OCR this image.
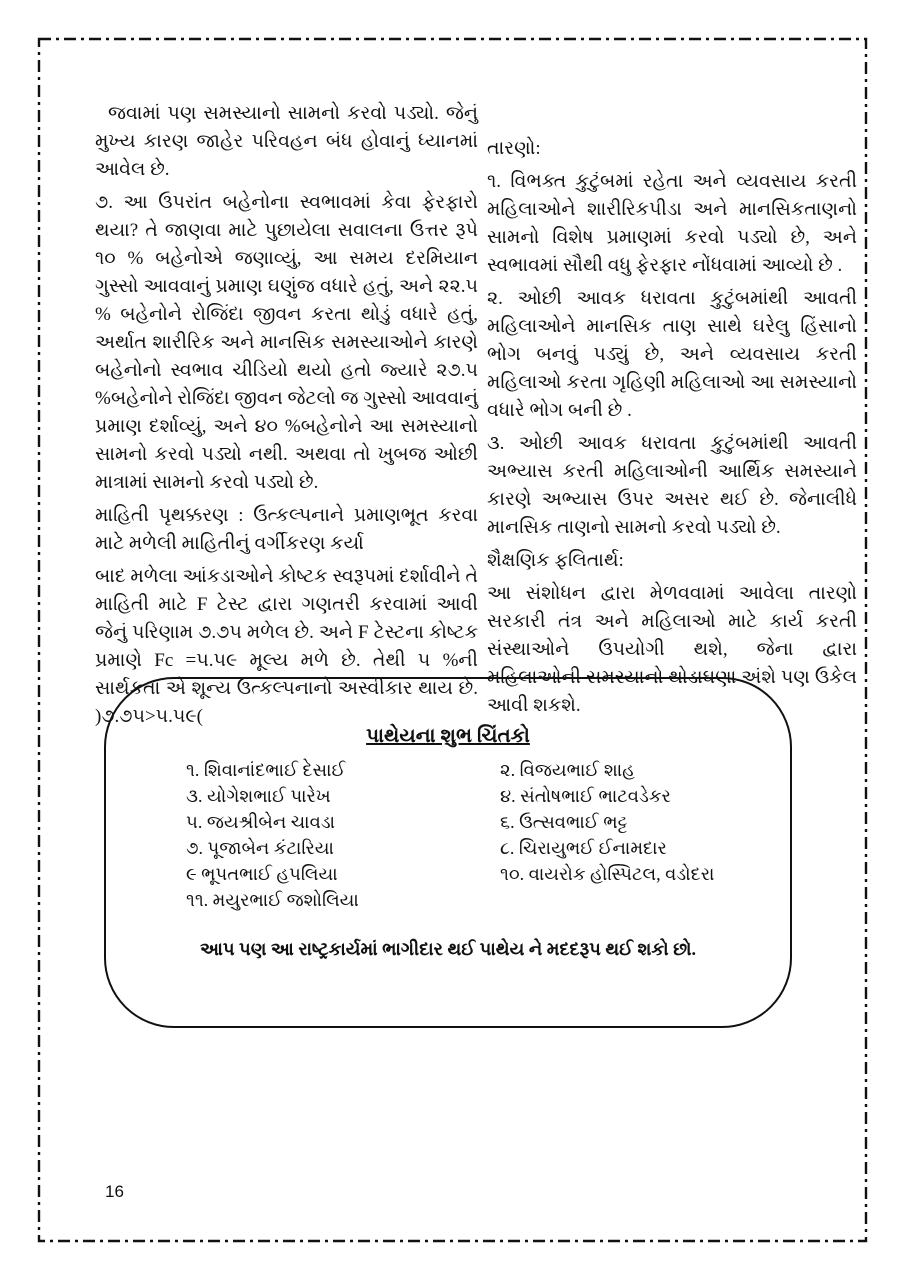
જવામાં પણ સમસ્યાનો સામનો કરવો પડ્યો. જેનું મુખ્ય કારણ જાહેર પરિવહન બંધ હોવાનું ધ્યાનમાં આવેલ છે.

૭. આ ઉપરાંત બહેનોના સ્વભાવમાં કેવા ફેરફારો થયા? તે જાણવા માટે પુછાયેલા સવાલના ઉત્તર રૂપે ૧૦ % બહેનોએ જણાવ્યું, આ સમય દરમિયાન ગુસ્સો આવવાનું પ્રમાણ ઘણુંજ વધારે હતું, અને ૨૨.૫ % બહેનોને રોજિંદા જીવન કરતા થોડું વધારે હતું, અર્થાત શારીરિક અને માનસિક સમસ્યાઓને કારણે બહેનોનો સ્વભાવ ચીડિયો થયો હતો જ્યારે ૨૭.૫ %બહેનોને રોજિંદા જીવન જેટલો જ ગુસ્સો આવવાનું પ્રમાણ દર્શાવ્યું, અને ૪૦ %બહેનોને આ સમસ્યાનો સામનો કરવો પડ્યો નથી. અથવા તો ખુબજ ઓછી માત્રામાં સામનો કરવો પડ્યો છે.

માહિતી પૃથક્કરણ : ઉત્કલ્પનાને પ્રમાણભૂત કરવા માટે મળેલી માહિતીનું વર્ગીકરણ કર્યા

બાદ મળેલા આંકડાઓને કોષ્ટક સ્વરૂપમાં દર્શાવીને તે માહિતી માટે F ટેસ્ટ દ્વારા ગણતરી કરવામાં આવી જેનું પરિણામ ૭.૭૫ મળેલ છે. અને F ટેસ્ટના કોષ્ટક પ્રમાણે Fc =૫.૫૯ મૂલ્ય મળે છે. તેથી ૫ %ની સાર્થકતા એ શૂન્ય ઉત્કલ્પનાનો અસ્વીકાર થાય છે. )૭.૭૫>૫.૫૯(

તારણો:

૧. વિભક્ત કુટુંબમાં રહેતા અને વ્યવસાય કરતી મહિલાઓને શારીરિકપીડા અને માનસિકતાણનો સામનો વિશેષ પ્રમાણમાં કરવો પડ્યો છે, અને સ્વભાવમાં સૌથી વધુ ફેરફાર નોંધવામાં આવ્યો છે .

૨. ઓછી આવક ધરાવતા કુટુંબમાંથી આવતી મહિલાઓને માનસિક તાણ સાથે ઘરેલુ હિંસાનો ભોગ બનવું પડ્યું છે, અને વ્યવસાય કરતી મહિલાઓ કરતા ગૃહિણી મહિલાઓ આ સમસ્યાનો વધારે ભોગ બની છે .

૩. ઓછી આવક ધરાવતા કુટુંબમાંથી આવતી અભ્યાસ કરતી મહિલાઓની આર્થિક સમસ્યાને કારણે અભ્યાસ ઉપર અસર થઈ છે. જેનાલીધે માનસિક તાણનો સામનો કરવો પડ્યો છે.

શૈક્ષણિક ફલિતાર્થ:

આ સંશોધન દ્વારા મેળવવામાં આવેલા તારણો સરકારી તંત્ર અને મહિલાઓ માટે કાર્ય કરતી સંસ્થાઓને ઉપયોગી થશે, જેના દ્વારા મહિલાઓની સમસ્યાનો થોડાઘણા અંશે પણ ઉકેલ આવી શકશે.

પાથેયના શુભ ચિંતકો
૧. શિવાનાંદભાઈ દેસાઈ
૩. યોગેશભાઈ પારેખ
૫. જયશ્રીબેન ચાવડા
૭. પૂજાબેન કંટારિયા
૯ ભૂપતભાઈ હપલિયા
૧૧. મયુરભાઈ જશોલિયા
૨. વિજયભાઈ શાહ
૪. સંતોષભાઈ ભાટવડેકર
૬. ઉત્સવભાઈ ભટ્ટ
૮. ચિરાયુભઈ ઈનામદાર
૧૦. વાયરોક હોસ્પિટલ, વડોદરા
આપ પણ આ રાષ્ટ્રકાર્યમાં ભાગીદાર થઈ પાથેય ને મદદરૂપ થઈ શકો છો.
16
